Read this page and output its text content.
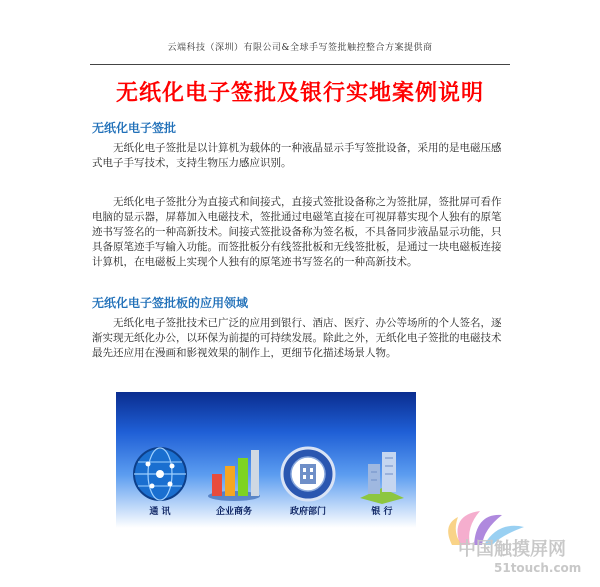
云端科技（深圳）有限公司&全球手写签批触控整合方案提供商
无纸化电子签批及银行实地案例说明
无纸化电子签批
无纸化电子签批是以计算机为载体的一种液晶显示手写签批设备，采用的是电磁压感式电子手写技术，支持生物压力感应识别。
无纸化电子签批分为直接式和间接式，直接式签批设备称之为签批屏，签批屏可看作电脑的显示器，屏幕加入电磁技术，签批通过电磁笔直接在可视屏幕实现个人独有的原笔迹书写签名的一种高新技术。间接式签批设备称为签名板，不具备同步液晶显示功能，只具备原笔迹手写输入功能。而签批板分有线签批板和无线签批板，是通过一块电磁板连接计算机，在电磁板上实现个人独有的原笔迹书写签名的一种高新技术。
无纸化电子签批板的应用领域
无纸化电子签批技术已广泛的应用到银行、酒店、医疗、办公等场所的个人签名，逐渐实现无纸化办公，以环保为前提的可持续发展。除此之外，无纸化电子签批的电磁技术最先还应用在漫画和影视效果的制作上，更细节化描述场景人物。
通 讯	企业商务	政府部门	银 行
中国触摸屏网
51touch.com
